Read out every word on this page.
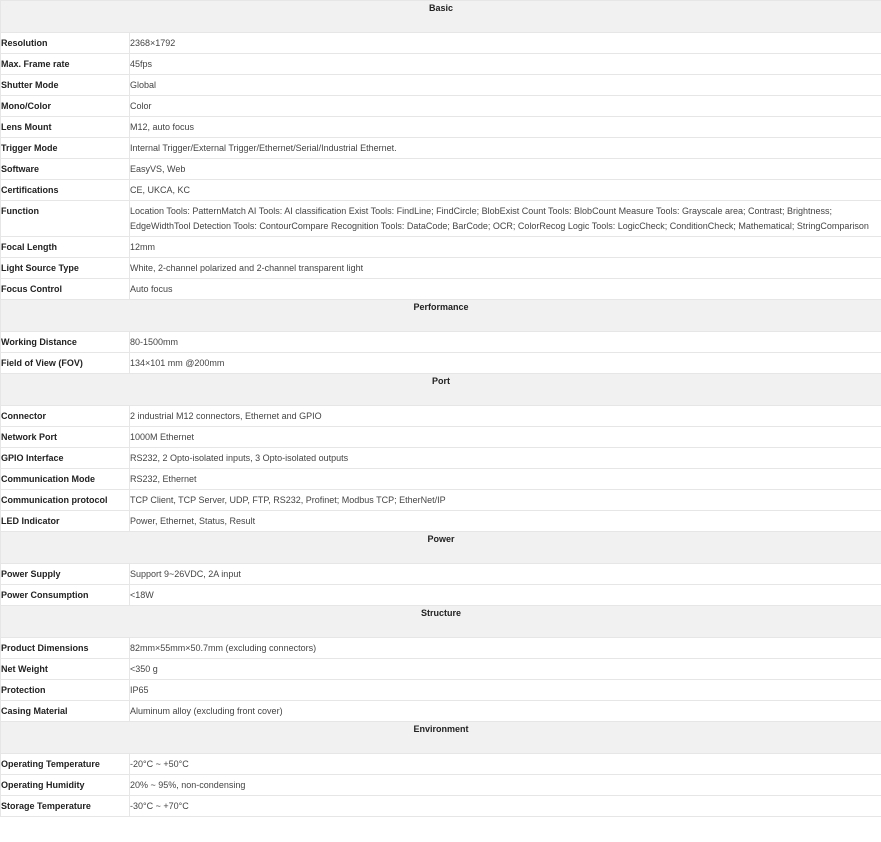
Basic	
Resolution	2368×1792
Max. Frame rate	45fps
Shutter Mode	Global
Mono/Color	Color
Lens Mount	M12, auto focus
Trigger Mode	Internal Trigger/External Trigger/Ethernet/Serial/Industrial Ethernet.
Software	EasyVS, Web
Certifications	CE, UKCA, KC
Function	Location Tools: PatternMatch AI Tools: AI classification Exist Tools: FindLine; FindCircle; BlobExist Count Tools: BlobCount Measure Tools: Grayscale area; Contrast; Brightness; EdgeWidthTool Detection Tools: ContourCompare Recognition Tools: DataCode; BarCode; OCR; ColorRecog Logic Tools: LogicCheck; ConditionCheck; Mathematical; StringComparison
Focal Length	12mm
Light Source Type	White, 2-channel polarized and 2-channel transparent light
Focus Control	Auto focus
Performance	
Working Distance	80-1500mm
Field of View (FOV)	134×101 mm @200mm
Port	
Connector	2 industrial M12 connectors, Ethernet and GPIO
Network Port	1000M Ethernet
GPIO Interface	RS232, 2 Opto-isolated inputs, 3 Opto-isolated outputs
Communication Mode	RS232, Ethernet
Communication protocol	TCP Client, TCP Server, UDP, FTP, RS232, Profinet; Modbus TCP; EtherNet/IP
LED Indicator	Power, Ethernet, Status, Result
Power	
Power Supply	Support 9~26VDC, 2A input
Power Consumption	<18W
Structure	
Product Dimensions	82mm×55mm×50.7mm (excluding connectors)
Net Weight	<350 g
Protection	IP65
Casing Material	Aluminum alloy (excluding front cover)
Environment	
Operating Temperature	-20°C ~ +50°C
Operating Humidity	20% ~ 95%, non-condensing
Storage Temperature	-30°C ~ +70°C
